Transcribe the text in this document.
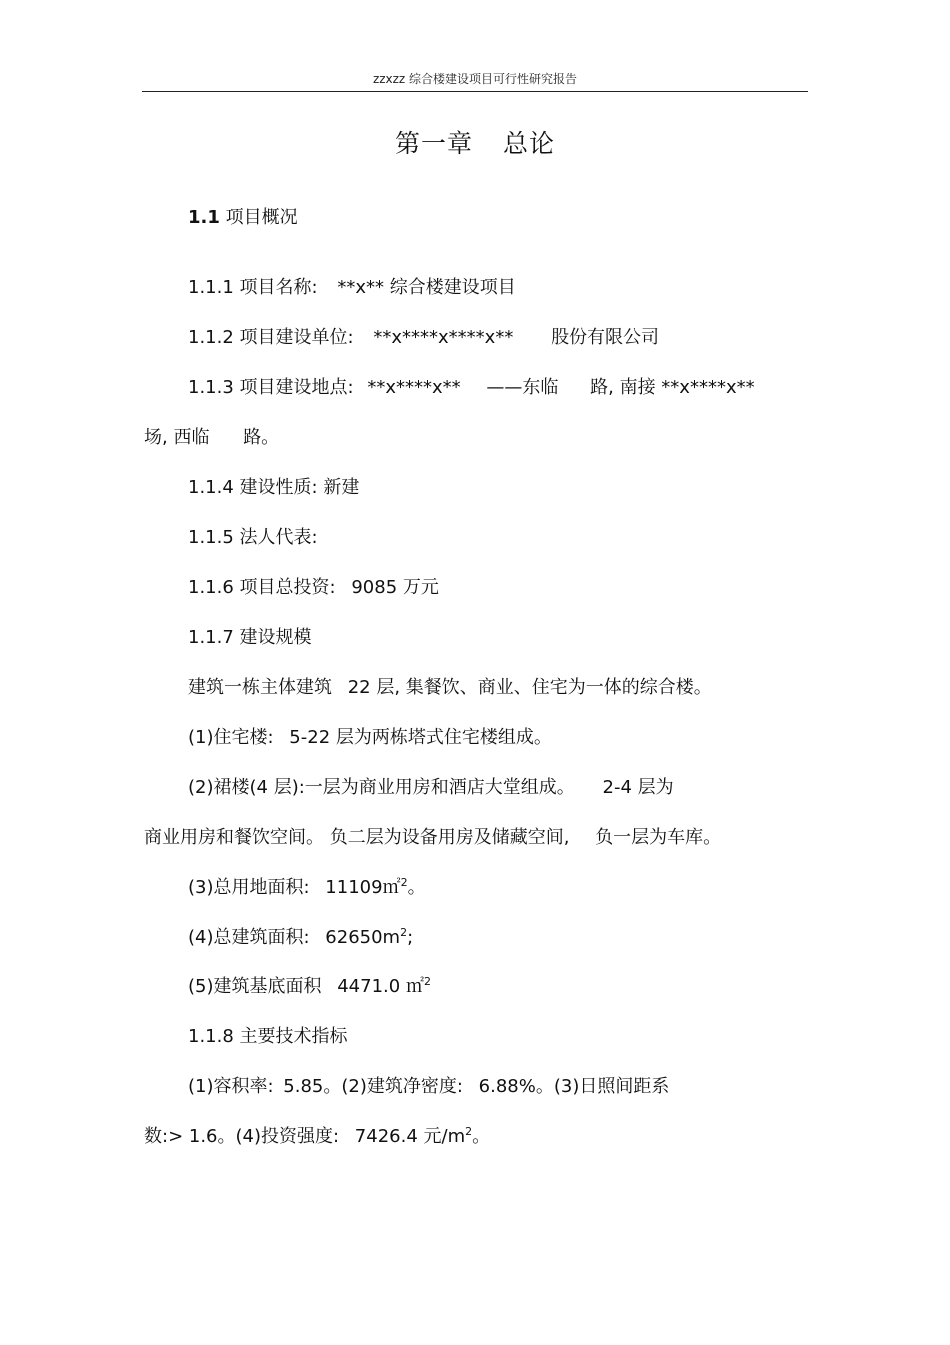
zzxzz 综合楼建设项目可行性研究报告
第一章 总论
1.1 项目概况
1.1.1 项目名称: **x** 综合楼建设项目
1.1.2 项目建设单位: **x****x****x** 股份有限公司
1.1.3 项目建设地点: **x****x** ——东临 路, 南接 **x****x**
场, 西临 路。
1.1.4 建设性质: 新建
1.1.5 法人代表:
1.1.6 项目总投资: 9085 万元
1.1.7 建设规模
建筑一栋主体建筑 22 层, 集餐饮、商业、住宅为一体的综合楼。
(1)住宅楼: 5-22 层为两栋塔式住宅楼组成。
(2)裙楼(4 层):一层为商业用房和酒店大堂组成。 2-4 层为
商业用房和餐饮空间。 负二层为设备用房及储藏空间, 负一层为车库。
(3)总用地面积: 11109㎡$^2$。
(4)总建筑面积: $62650m^2$;
(5)建筑基底面积 4471.0 ㎡$^2$
1.1.8 主要技术指标
(1)容积率: 5.85。(2)建筑净密度: 6.88%。(3)日照间距系
数:> 1.6。(4)投资强度: 7426.4 元$/m^2$。
